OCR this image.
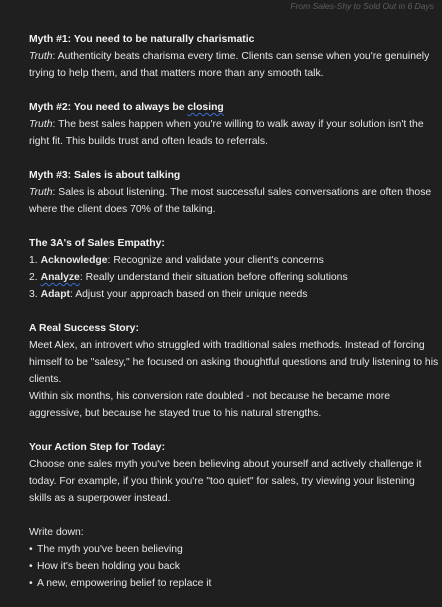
From Sales-Shy to Sold Out in 6 Days
Myth #1: You need to be naturally charismatic
Truth: Authenticity beats charisma every time. Clients can sense when you're genuinely trying to help them, and that matters more than any smooth talk.
Myth #2: You need to always be closing
Truth: The best sales happen when you're willing to walk away if your solution isn't the right fit. This builds trust and often leads to referrals.
Myth #3: Sales is about talking
Truth: Sales is about listening. The most successful sales conversations are often those where the client does 70% of the talking.
The 3A's of Sales Empathy:
1. Acknowledge: Recognize and validate your client's concerns
2. Analyze: Really understand their situation before offering solutions
3. Adapt: Adjust your approach based on their unique needs
A Real Success Story:
Meet Alex, an introvert who struggled with traditional sales methods. Instead of forcing himself to be "salesy," he focused on asking thoughtful questions and truly listening to his clients.
Within six months, his conversion rate doubled - not because he became more aggressive, but because he stayed true to his natural strengths.
Your Action Step for Today:
Choose one sales myth you've been believing about yourself and actively challenge it today. For example, if you think you're "too quiet" for sales, try viewing your listening skills as a superpower instead.
Write down:
• The myth you've been believing
• How it's been holding you back
• A new, empowering belief to replace it
